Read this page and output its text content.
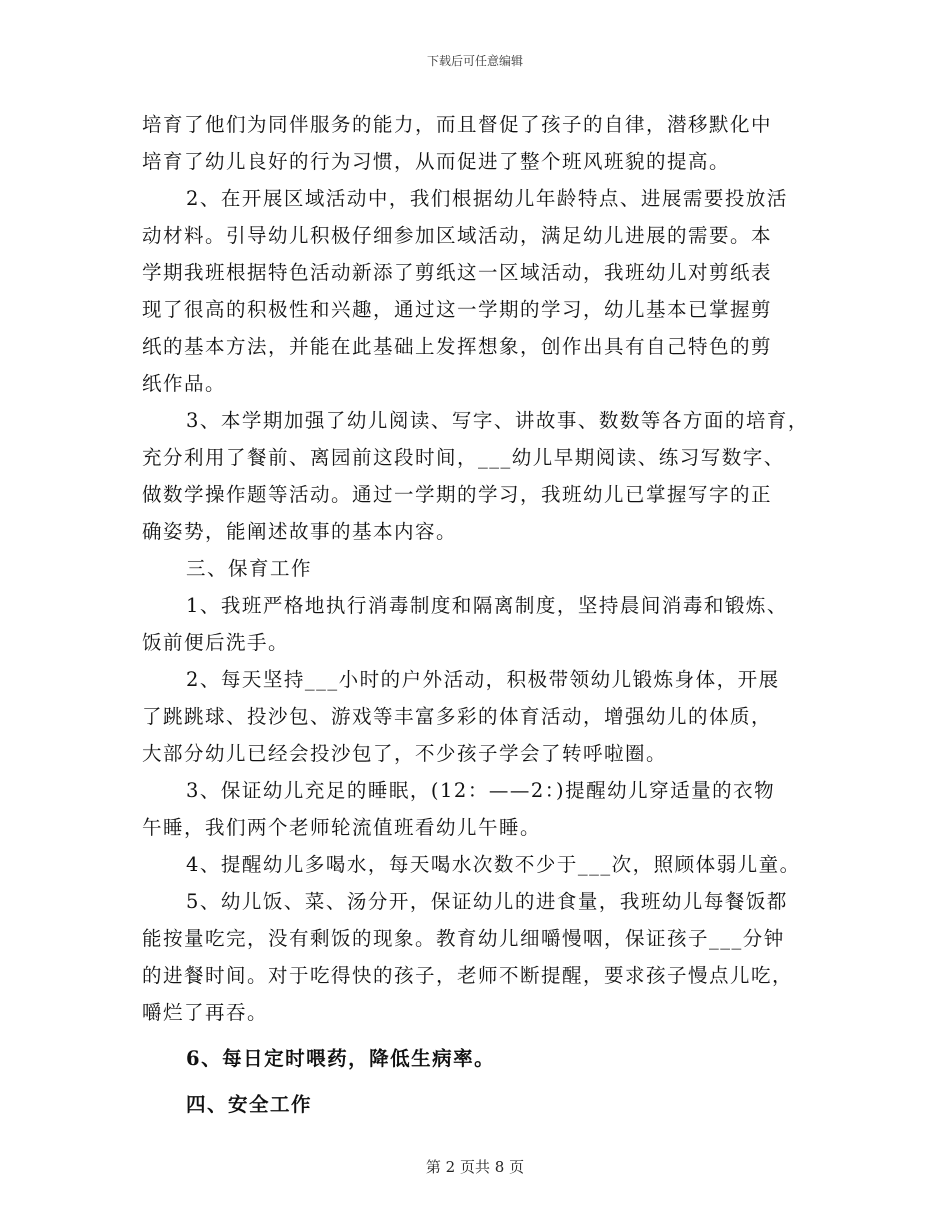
下载后可任意编辑
培育了他们为同伴服务的能力，而且督促了孩子的自律，潜移默化中
培育了幼儿良好的行为习惯，从而促进了整个班风班貌的提高。
2、在开展区域活动中，我们根据幼儿年龄特点、进展需要投放活
动材料。引导幼儿积极仔细参加区域活动，满足幼儿进展的需要。本
学期我班根据特色活动新添了剪纸这一区域活动，我班幼儿对剪纸表
现了很高的积极性和兴趣，通过这一学期的学习，幼儿基本已掌握剪
纸的基本方法，并能在此基础上发挥想象，创作出具有自己特色的剪
纸作品。
3、本学期加强了幼儿阅读、写字、讲故事、数数等各方面的培育，
充分利用了餐前、离园前这段时间，___幼儿早期阅读、练习写数字、
做数学操作题等活动。通过一学期的学习，我班幼儿已掌握写字的正
确姿势，能阐述故事的基本内容。
三、保育工作
1、我班严格地执行消毒制度和隔离制度，坚持晨间消毒和锻炼、
饭前便后洗手。
2、每天坚持___小时的户外活动，积极带领幼儿锻炼身体，开展
了跳跳球、投沙包、游戏等丰富多彩的体育活动，增强幼儿的体质，
大部分幼儿已经会投沙包了，不少孩子学会了转呼啦圈。
3、保证幼儿充足的睡眠，(12：——2：)提醒幼儿穿适量的衣物
午睡，我们两个老师轮流值班看幼儿午睡。
4、提醒幼儿多喝水，每天喝水次数不少于___次，照顾体弱儿童。
5、幼儿饭、菜、汤分开，保证幼儿的进食量，我班幼儿每餐饭都
能按量吃完，没有剩饭的现象。教育幼儿细嚼慢咽，保证孩子___分钟
的进餐时间。对于吃得快的孩子，老师不断提醒，要求孩子慢点儿吃，
嚼烂了再吞。
6、每日定时喂药，降低生病率。
四、安全工作
第 2 页共 8 页
